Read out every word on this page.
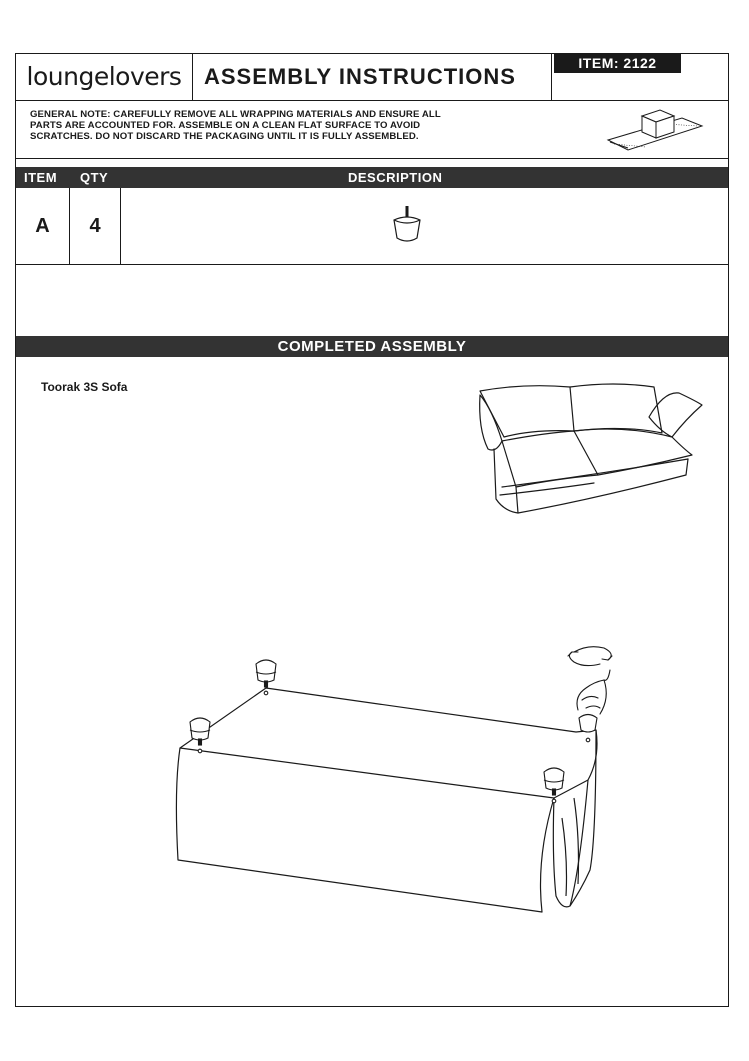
loungelovers	ASSEMBLY INSTRUCTIONS
ITEM: 2122
GENERAL NOTE: CAREFULLY REMOVE ALL WRAPPING MATERIALS AND ENSURE ALL
PARTS ARE ACCOUNTED FOR. ASSEMBLE ON A CLEAN FLAT SURFACE TO AVOID
SCRATCHES. DO NOT DISCARD THE PACKAGING UNTIL IT IS FULLY ASSEMBLED.
ITEM QTY	DESCRIPTION
A	4
COMPLETED ASSEMBLY
Toorak 3S Sofa
